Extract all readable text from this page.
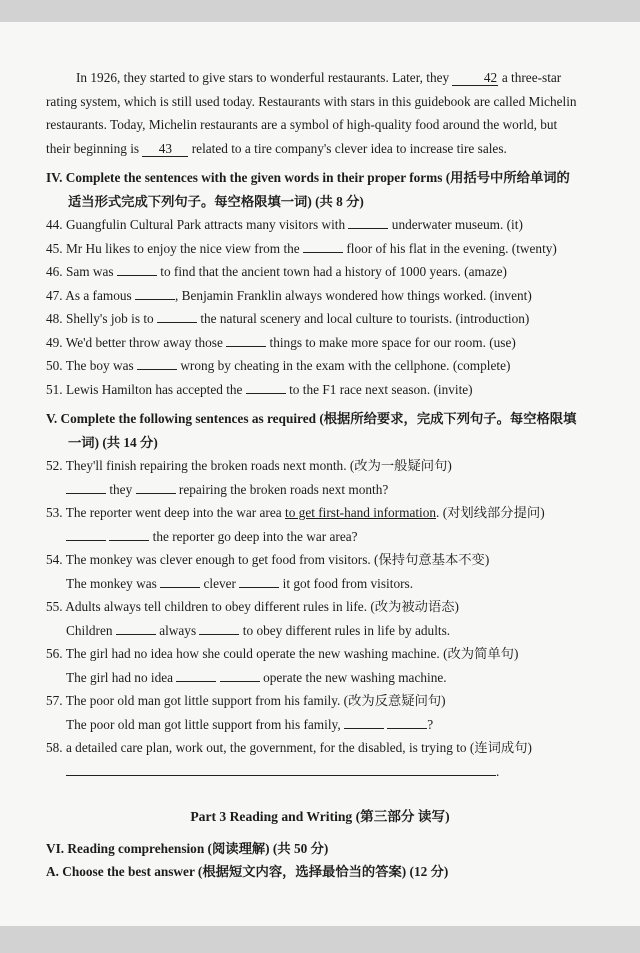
In 1926, they started to give stars to wonderful restaurants. Later, they	42 a three-star

rating system, which is still used today. Restaurants with stars in this guidebook are called Michelin

restaurants. Today, Michelin restaurants are a symbol of high-quality food around the world, but

their beginning is 43 related to a tire company's clever idea to increase tire sales.

IV. Complete the sentences with the given words in their proper forms (用括号中所给单词的

适当形式完成下列句子。每空格限填一词) (共 8 分)

44. Guangfulin Cultural Park attracts many visitors with	underwater museum. (it)

45. Mr Hu likes to enjoy the nice view from the	floor of his flat in the evening. (twenty)

46. Sam was	to find that the ancient town had a history of 1000 years. (amaze)

47. As a famous	, Benjamin Franklin always wondered how things worked. (invent)

48. Shelly's job is to	the natural scenery and local culture to tourists. (introduction)

49. We'd better throw away those	things to make more space for our room. (use)

50. The boy was	wrong by cheating in the exam with the cellphone. (complete)

51. Lewis Hamilton has accepted the	to the F1 race next season. (invite)

V. Complete the following sentences as required (根据所给要求，完成下列句子。每空格限填

一词) (共 14 分)

52. They'll finish repairing the broken roads next month. (改为一般疑问句)

they	repairing the broken roads next month?

53. The reporter went deep into the war area to get first-hand information. (对划线部分提问)

the reporter go deep into the war area?

54. The monkey was clever enough to get food from visitors. (保持句意基本不变)

The monkey was	clever	it got food from visitors.

55. Adults always tell children to obey different rules in life. (改为被动语态)

Children	always	to obey different rules in life by adults.

56. The girl had no idea how she could operate the new washing machine. (改为简单句)

The girl had no idea	operate the new washing machine.

57. The poor old man got little support from his family. (改为反意疑问句)

The poor old man got little support from his family,	?

58. a detailed care plan, work out, the government, for the disabled, is trying to (连词成句)

.

Part 3 Reading and Writing (第三部分 读写)

VI. Reading comprehension (阅读理解) (共 50 分)

A. Choose the best answer (根据短文内容，选择最恰当的答案) (12 分)
